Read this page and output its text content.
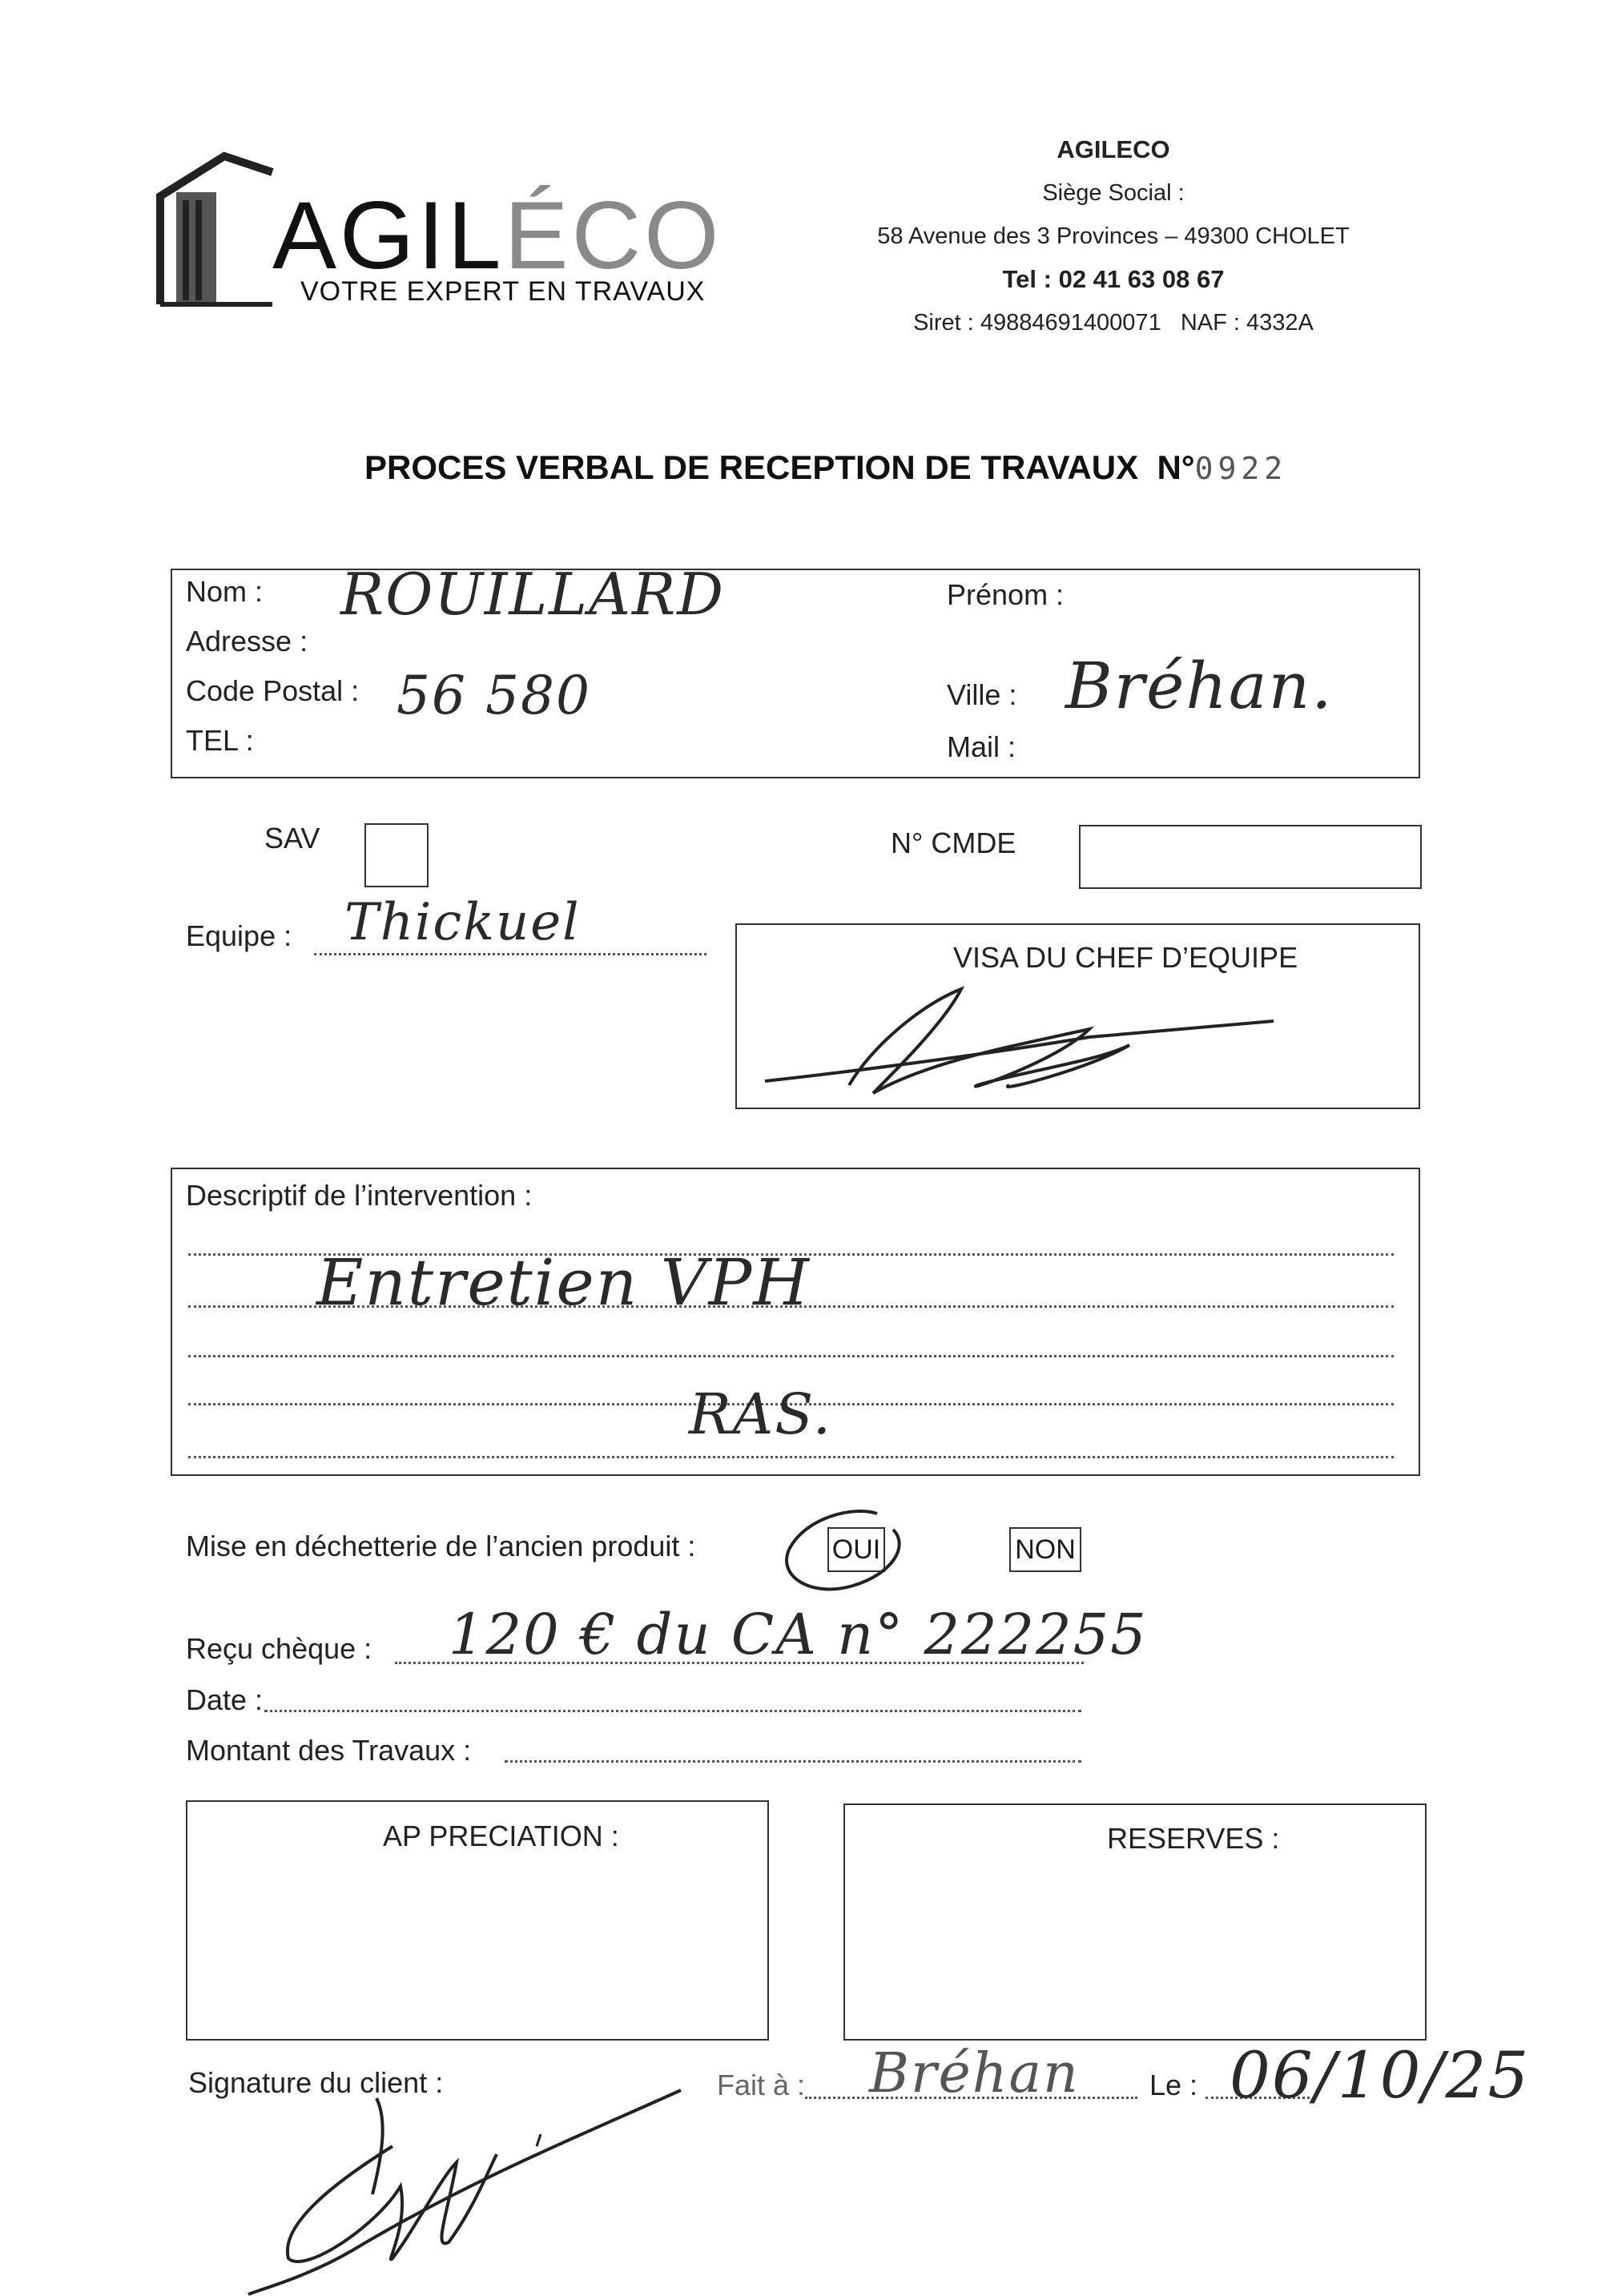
AGILÉCO
VOTRE EXPERT EN TRAVAUX
AGILECO
Siège Social :
58 Avenue des 3 Provinces – 49300 CHOLET
Tel : 02 41 63 08 67
Siret : 49884691400071   NAF : 4332A
PROCES VERBAL DE RECEPTION DE TRAVAUX  N°0922
Nom : ROUILLARD	Prénom :
Adresse :
Code Postal : 56 580	Ville : Bréhan.
TEL :	Mail :
SAV	N° CMDE
Equipe : Thickuel
VISA DU CHEF D’EQUIPE
Descriptif de l’intervention :
Entretien VPH
RAS.
Mise en déchetterie de l’ancien produit :	OUI	NON
Reçu chèque : 120 € du CA n° 222255
Date :
Montant des Travaux :
AP PRECIATION :	RESERVES :
Signature du client :	Fait à : Bréhan Le : 06/10/25
